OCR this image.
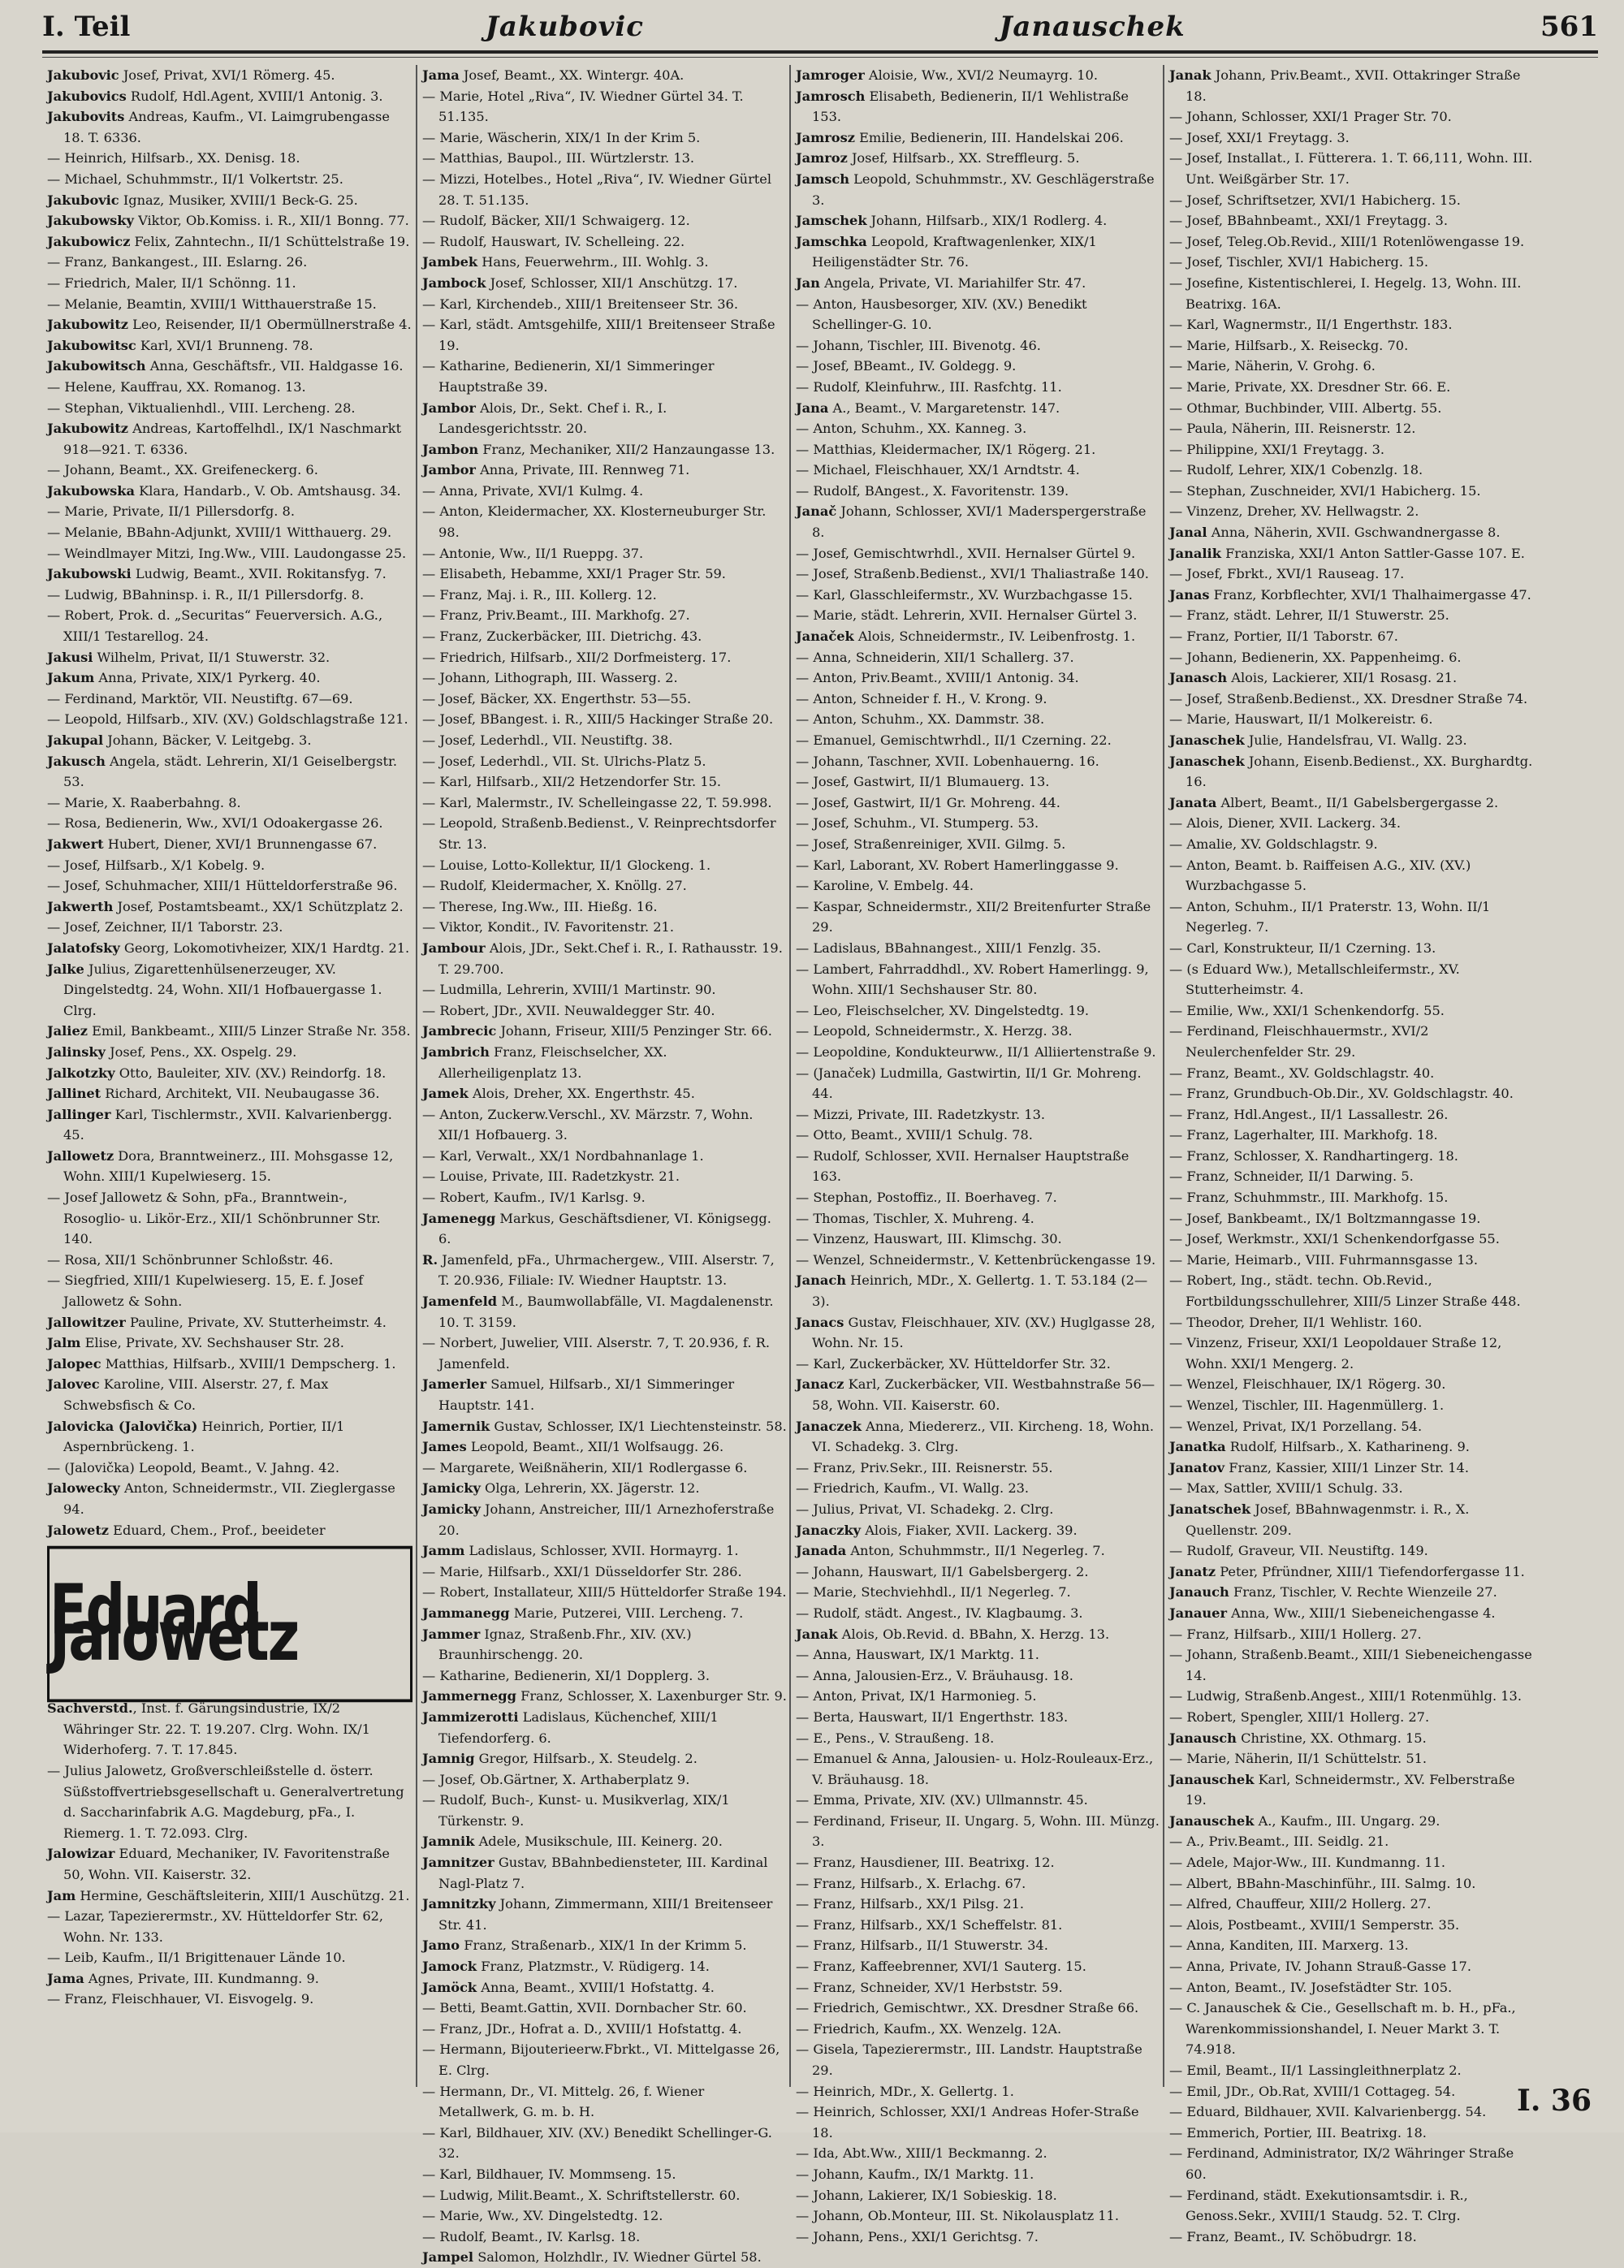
I. Teil	Jakubovic	Janauschek	561

Jakubovic Josef, Privat, XVI/1 Römerg. 45.

Jakubovics Rudolf, Hdl.Agent, XVIII/1 Antonig. 3.

Jakubovits Andreas, Kaufm., VI. Laimgrubengasse 18. T. 6336.

— Heinrich, Hilfsarb., XX. Denisg. 18.

— Michael, Schuhmmstr., II/1 Volkertstr. 25.

Jakubovic Ignaz, Musiker, XVIII/1 Beck-G. 25.

Jakubowsky Viktor, Ob.Komiss. i. R., XII/1 Bonng. 77.

Jakubowicz Felix, Zahntechn., II/1 Schüttelstraße 19.

— Franz, Bankangest., III. Eslarng. 26.

— Friedrich, Maler, II/1 Schönng. 11.

— Melanie, Beamtin, XVIII/1 Witthauerstraße 15.

Jakubowitz Leo, Reisender, II/1 Obermüllnerstraße 4.

Jakubowitsc Karl, XVI/1 Brunneng. 78.

Jakubowitsch Anna, Geschäftsfr., VII. Haldgasse 16.

— Helene, Kauffrau, XX. Romanog. 13.

— Stephan, Viktualienhdl., VIII. Lercheng. 28.

Jakubowitz Andreas, Kartoffelhdl., IX/1 Naschmarkt 918—921. T. 6336.

— Johann, Beamt., XX. Greifeneckerg. 6.

Jakubowska Klara, Handarb., V. Ob. Amtshausg. 34.

— Marie, Private, II/1 Pillersdorfg. 8.

— Melanie, BBahn-Adjunkt, XVIII/1 Witthauerg. 29.

— Weindlmayer Mitzi, Ing.Ww., VIII. Laudongasse 25.

Jakubowski Ludwig, Beamt., XVII. Rokitansfyg. 7.

— Ludwig, BBahninsp. i. R., II/1 Pillersdorfg. 8.

— Robert, Prok. d. „Securitas“ Feuerversich. A.G., XIII/1 Testarellog. 24.

Jakusi Wilhelm, Privat, II/1 Stuwerstr. 32.

Jakum Anna, Private, XIX/1 Pyrkerg. 40.

— Ferdinand, Marktör, VII. Neustiftg. 67—69.

— Leopold, Hilfsarb., XIV. (XV.) Goldschlagstraße 121.

Jakupal Johann, Bäcker, V. Leitgebg. 3.

Jakusch Angela, städt. Lehrerin, XI/1 Geiselbergstr. 53.

— Marie, X. Raaberbahng. 8.

— Rosa, Bedienerin, Ww., XVI/1 Odoakergasse 26.

Jakwert Hubert, Diener, XVI/1 Brunnengasse 67.

— Josef, Hilfsarb., X/1 Kobelg. 9.

— Josef, Schuhmacher, XIII/1 Hütteldorferstraße 96.

Jakwerth Josef, Postamtsbeamt., XX/1 Schützplatz 2.

— Josef, Zeichner, II/1 Taborstr. 23.

Jalatofsky Georg, Lokomotivheizer, XIX/1 Hardtg. 21.

Jalke Julius, Zigarettenhülsenerzeuger, XV. Dingelstedtg. 24, Wohn. XII/1 Hofbauergasse 1. Clrg.

Jaliez Emil, Bankbeamt., XIII/5 Linzer Straße Nr. 358.

Jalinsky Josef, Pens., XX. Ospelg. 29.

Jalkotzky Otto, Bauleiter, XIV. (XV.) Reindorfg. 18.

Jallinet Richard, Architekt, VII. Neubaugasse 36.

Jallinger Karl, Tischlermstr., XVII. Kalvarienbergg. 45.

Jallowetz Dora, Branntweinerz., III. Mohsgasse 12, Wohn. XIII/1 Kupelwieserg. 15.

— Josef Jallowetz & Sohn, pFa., Branntwein-, Rosoglio- u. Likör-Erz., XII/1 Schönbrunner Str. 140.

— Rosa, XII/1 Schönbrunner Schloßstr. 46.

— Siegfried, XIII/1 Kupelwieserg. 15, E. f. Josef Jallowetz & Sohn.

Jallowitzer Pauline, Private, XV. Stutterheimstr. 4.

Jalm Elise, Private, XV. Sechshauser Str. 28.

Jalopec Matthias, Hilfsarb., XVIII/1 Dempscherg. 1.

Jalovec Karoline, VIII. Alserstr. 27, f. Max Schwebsfisch & Co.

Jalovicka (Jalovička) Heinrich, Portier, II/1 Aspernbrückeng. 1.

— (Jalovička) Leopold, Beamt., V. Jahng. 42.

Jalowecky Anton, Schneidermstr., VII. Zieglergasse 94.

Jalowetz Eduard, Chem., Prof., beeideter

Eduard Jalowetz

Sachverstd., Inst. f. Gärungsindustrie, IX/2 Währinger Str. 22. T. 19.207. Clrg. Wohn. IX/1 Widerhoferg. 7. T. 17.845.

— Julius Jalowetz, Großverschleißstelle d. österr. Süßstoffvertriebsgesellschaft u. Generalvertretung d. Saccharinfabrik A.G. Magdeburg, pFa., I. Riemerg. 1. T. 72.093. Clrg.

Jalowizar Eduard, Mechaniker, IV. Favoritenstraße 50, Wohn. VII. Kaiserstr. 32.

Jam Hermine, Geschäftsleiterin, XIII/1 Auschützg. 21.

— Lazar, Tapezierermstr., XV. Hütteldorfer Str. 62, Wohn. Nr. 133.

— Leib, Kaufm., II/1 Brigittenauer Lände 10.

Jama Agnes, Private, III. Kundmanng. 9.

— Franz, Fleischhauer, VI. Eisvogelg. 9.

Jama Josef, Beamt., XX. Wintergr. 40A.

— Marie, Hotel „Riva“, IV. Wiedner Gürtel 34. T. 51.135.

— Marie, Wäscherin, XIX/1 In der Krim 5.

— Matthias, Baupol., III. Würtzlerstr. 13.

— Mizzi, Hotelbes., Hotel „Riva“, IV. Wiedner Gürtel 28. T. 51.135.

— Rudolf, Bäcker, XII/1 Schwaigerg. 12.

— Rudolf, Hauswart, IV. Schelleing. 22.

Jambek Hans, Feuerwehrm., III. Wohlg. 3.

Jambock Josef, Schlosser, XII/1 Anschützg. 17.

— Karl, Kirchendeb., XIII/1 Breitenseer Str. 36.

— Karl, städt. Amtsgehilfe, XIII/1 Breitenseer Straße 19.

— Katharine, Bedienerin, XI/1 Simmeringer Hauptstraße 39.

Jambor Alois, Dr., Sekt. Chef i. R., I. Landesgerichtsstr. 20.

Jambon Franz, Mechaniker, XII/2 Hanzaungasse 13.

Jambor Anna, Private, III. Rennweg 71.

— Anna, Private, XVI/1 Kulmg. 4.

— Anton, Kleidermacher, XX. Klosterneuburger Str. 98.

— Antonie, Ww., II/1 Rueppg. 37.

— Elisabeth, Hebamme, XXI/1 Prager Str. 59.

— Franz, Maj. i. R., III. Kollerg. 12.

— Franz, Priv.Beamt., III. Markhofg. 27.

— Franz, Zuckerbäcker, III. Dietrichg. 43.

— Friedrich, Hilfsarb., XII/2 Dorfmeisterg. 17.

— Johann, Lithograph, III. Wasserg. 2.

— Josef, Bäcker, XX. Engerthstr. 53—55.

— Josef, BBangest. i. R., XIII/5 Hackinger Straße 20.

— Josef, Lederhdl., VII. Neustiftg. 38.

— Josef, Lederhdl., VII. St. Ulrichs-Platz 5.

— Karl, Hilfsarb., XII/2 Hetzendorfer Str. 15.

— Karl, Malermstr., IV. Schelleingasse 22, T. 59.998.

— Leopold, Straßenb.Bedienst., V. Reinprechtsdorfer Str. 13.

— Louise, Lotto-Kollektur, II/1 Glockeng. 1.

— Rudolf, Kleidermacher, X. Knöllg. 27.

— Therese, Ing.Ww., III. Hießg. 16.

— Viktor, Kondit., IV. Favoritenstr. 21.

Jambour Alois, JDr., Sekt.Chef i. R., I. Rathausstr. 19. T. 29.700.

— Ludmilla, Lehrerin, XVIII/1 Martinstr. 90.

— Robert, JDr., XVII. Neuwaldegger Str. 40.

Jambrecic Johann, Friseur, XIII/5 Penzinger Str. 66.

Jambrich Franz, Fleischselcher, XX. Allerheiligenplatz 13.

Jamek Alois, Dreher, XX. Engerthstr. 45.

— Anton, Zuckerw.Verschl., XV. Märzstr. 7, Wohn. XII/1 Hofbauerg. 3.

— Karl, Verwalt., XX/1 Nordbahnanlage 1.

— Louise, Private, III. Radetzkystr. 21.

— Robert, Kaufm., IV/1 Karlsg. 9.

Jamenegg Markus, Geschäftsdiener, VI. Königsegg. 6.

R. Jamenfeld, pFa., Uhrmachergew., VIII. Alserstr. 7, T. 20.936, Filiale: IV. Wiedner Hauptstr. 13.

Jamenfeld M., Baumwollabfälle, VI. Magdalenenstr. 10. T. 3159.

— Norbert, Juwelier, VIII. Alserstr. 7, T. 20.936, f. R. Jamenfeld.

Jamerler Samuel, Hilfsarb., XI/1 Simmeringer Hauptstr. 141.

Jamernik Gustav, Schlosser, IX/1 Liechtensteinstr. 58.

James Leopold, Beamt., XII/1 Wolfsaugg. 26.

— Margarete, Weißnäherin, XII/1 Rodlergasse 6.

Jamicky Olga, Lehrerin, XX. Jägerstr. 12.

Jamicky Johann, Anstreicher, III/1 Arnezhoferstraße 20.

Jamm Ladislaus, Schlosser, XVII. Hormayrg. 1.

— Marie, Hilfsarb., XXI/1 Düsseldorfer Str. 286.

— Robert, Installateur, XIII/5 Hütteldorfer Straße 194.

Jammanegg Marie, Putzerei, VIII. Lercheng. 7.

Jammer Ignaz, Straßenb.Fhr., XIV. (XV.) Braunhirschengg. 20.

— Katharine, Bedienerin, XI/1 Dopplerg. 3.

Jammernegg Franz, Schlosser, X. Laxenburger Str. 9.

Jammizerotti Ladislaus, Küchenchef, XIII/1 Tiefendorferg. 6.

Jamnig Gregor, Hilfsarb., X. Steudelg. 2.

— Josef, Ob.Gärtner, X. Arthaberplatz 9.

— Rudolf, Buch-, Kunst- u. Musikverlag, XIX/1 Türkenstr. 9.

Jamnik Adele, Musikschule, III. Keinerg. 20.

Jamnitzer Gustav, BBahnbediensteter, III. Kardinal Nagl-Platz 7.

Jamnitzky Johann, Zimmermann, XIII/1 Breitenseer Str. 41.

Jamo Franz, Straßenarb., XIX/1 In der Krimm 5.

Jamock Franz, Platzmstr., V. Rüdigerg. 14.

Jamöck Anna, Beamt., XVIII/1 Hofstattg. 4.

— Betti, Beamt.Gattin, XVII. Dornbacher Str. 60.

— Franz, JDr., Hofrat a. D., XVIII/1 Hofstattg. 4.

— Hermann, Bijouterieerw.Fbrkt., VI. Mittelgasse 26, E. Clrg.

— Hermann, Dr., VI. Mittelg. 26, f. Wiener Metallwerk, G. m. b. H.

— Karl, Bildhauer, XIV. (XV.) Benedikt Schellinger-G. 32.

— Karl, Bildhauer, IV. Mommseng. 15.

— Ludwig, Milit.Beamt., X. Schriftstellerstr. 60.

— Marie, Ww., XV. Dingelstedtg. 12.

— Rudolf, Beamt., IV. Karlsg. 18.

Jampel Salomon, Holzhdlr., IV. Wiedner Gürtel 58.

Jamroger Aloisie, Ww., XVI/2 Neumayrg. 10.

Jamrosch Elisabeth, Bedienerin, II/1 Wehlistraße 153.

Jamrosz Emilie, Bedienerin, III. Handelskai 206.

Jamroz Josef, Hilfsarb., XX. Streffleurg. 5.

Jamsch Leopold, Schuhmmstr., XV. Geschlägerstraße 3.

Jamschek Johann, Hilfsarb., XIX/1 Rodlerg. 4.

Jamschka Leopold, Kraftwagenlenker, XIX/1 Heiligenstädter Str. 76.

Jan Angela, Private, VI. Mariahilfer Str. 47.

— Anton, Hausbesorger, XIV. (XV.) Benedikt Schellinger-G. 10.

— Johann, Tischler, III. Bivenotg. 46.

— Josef, BBeamt., IV. Goldegg. 9.

— Rudolf, Kleinfuhrw., III. Rasfchtg. 11.

Jana A., Beamt., V. Margaretenstr. 147.

— Anton, Schuhm., XX. Kanneg. 3.

— Matthias, Kleidermacher, IX/1 Rögerg. 21.

— Michael, Fleischhauer, XX/1 Arndtstr. 4.

— Rudolf, BAngest., X. Favoritenstr. 139.

Janač Johann, Schlosser, XVI/1 Maderspergerstraße 8.

— Josef, Gemischtwrhdl., XVII. Hernalser Gürtel 9.

— Josef, Straßenb.Bedienst., XVI/1 Thaliastraße 140.

— Karl, Glasschleifermstr., XV. Wurzbachgasse 15.

— Marie, städt. Lehrerin, XVII. Hernalser Gürtel 3.

Janaček Alois, Schneidermstr., IV. Leibenfrostg. 1.

— Anna, Schneiderin, XII/1 Schallerg. 37.

— Anton, Priv.Beamt., XVIII/1 Antonig. 34.

— Anton, Schneider f. H., V. Krong. 9.

— Anton, Schuhm., XX. Dammstr. 38.

— Emanuel, Gemischtwrhdl., II/1 Czerning. 22.

— Johann, Taschner, XVII. Lobenhauerng. 16.

— Josef, Gastwirt, II/1 Blumauerg. 13.

— Josef, Gastwirt, II/1 Gr. Mohreng. 44.

— Josef, Schuhm., VI. Stumperg. 53.

— Josef, Straßenreiniger, XVII. Gilmg. 5.

— Karl, Laborant, XV. Robert Hamerlinggasse 9.

— Karoline, V. Embelg. 44.

— Kaspar, Schneidermstr., XII/2 Breitenfurter Straße 29.

— Ladislaus, BBahnangest., XIII/1 Fenzlg. 35.

— Lambert, Fahrraddhdl., XV. Robert Hamerlingg. 9, Wohn. XIII/1 Sechshauser Str. 80.

— Leo, Fleischselcher, XV. Dingelstedtg. 19.

— Leopold, Schneidermstr., X. Herzg. 38.

— Leopoldine, Kondukteurww., II/1 Alliiertenstraße 9.

— (Janaček) Ludmilla, Gastwirtin, II/1 Gr. Mohreng. 44.

— Mizzi, Private, III. Radetzkystr. 13.

— Otto, Beamt., XVIII/1 Schulg. 78.

— Rudolf, Schlosser, XVII. Hernalser Hauptstraße 163.

— Stephan, Postoffiz., II. Boerhaveg. 7.

— Thomas, Tischler, X. Muhreng. 4.

— Vinzenz, Hauswart, III. Klimschg. 30.

— Wenzel, Schneidermstr., V. Kettenbrückengasse 19.

Janach Heinrich, MDr., X. Gellertg. 1. T. 53.184 (2—3).

Janacs Gustav, Fleischhauer, XIV. (XV.) Huglgasse 28, Wohn. Nr. 15.

— Karl, Zuckerbäcker, XV. Hütteldorfer Str. 32.

Janacz Karl, Zuckerbäcker, VII. Westbahnstraße 56—58, Wohn. VII. Kaiserstr. 60.

Janaczek Anna, Miedererz., VII. Kircheng. 18, Wohn. VI. Schadekg. 3. Clrg.

— Franz, Priv.Sekr., III. Reisnerstr. 55.

— Friedrich, Kaufm., VI. Wallg. 23.

— Julius, Privat, VI. Schadekg. 2. Clrg.

Janaczky Alois, Fiaker, XVII. Lackerg. 39.

Janada Anton, Schuhmmstr., II/1 Negerleg. 7.

— Johann, Hauswart, II/1 Gabelsbergerg. 2.

— Marie, Stechviehhdl., II/1 Negerleg. 7.

— Rudolf, städt. Angest., IV. Klagbaumg. 3.

Janak Alois, Ob.Revid. d. BBahn, X. Herzg. 13.

— Anna, Hauswart, IX/1 Marktg. 11.

— Anna, Jalousien-Erz., V. Bräuhausg. 18.

— Anton, Privat, IX/1 Harmonieg. 5.

— Berta, Hauswart, II/1 Engerthstr. 183.

— E., Pens., V. Straußeng. 18.

— Emanuel & Anna, Jalousien- u. Holz-Rouleaux-Erz., V. Bräuhausg. 18.

— Emma, Private, XIV. (XV.) Ullmannstr. 45.

— Ferdinand, Friseur, II. Ungarg. 5, Wohn. III. Münzg. 3.

— Franz, Hausdiener, III. Beatrixg. 12.

— Franz, Hilfsarb., X. Erlachg. 67.

— Franz, Hilfsarb., XX/1 Pilsg. 21.

— Franz, Hilfsarb., XX/1 Scheffelstr. 81.

— Franz, Hilfsarb., II/1 Stuwerstr. 34.

— Franz, Kaffeebrenner, XVI/1 Sauterg. 15.

— Franz, Schneider, XV/1 Herbststr. 59.

— Friedrich, Gemischtwr., XX. Dresdner Straße 66.

— Friedrich, Kaufm., XX. Wenzelg. 12A.

— Gisela, Tapezierermstr., III. Landstr. Hauptstraße 29.

— Heinrich, MDr., X. Gellertg. 1.

— Heinrich, Schlosser, XXI/1 Andreas Hofer-Straße 18.

— Ida, Abt.Ww., XIII/1 Beckmanng. 2.

— Johann, Kaufm., IX/1 Marktg. 11.

— Johann, Lakierer, IX/1 Sobieskig. 18.

— Johann, Ob.Monteur, III. St. Nikolausplatz 11.

— Johann, Pens., XXI/1 Gerichtsg. 7.

Janak Johann, Priv.Beamt., XVII. Ottakringer Straße 18.

— Johann, Schlosser, XXI/1 Prager Str. 70.

— Josef, XXI/1 Freytagg. 3.

— Josef, Installat., I. Fütterera. 1. T. 66,111, Wohn. III. Unt. Weißgärber Str. 17.

— Josef, Schriftsetzer, XVI/1 Habicherg. 15.

— Josef, BBahnbeamt., XXI/1 Freytagg. 3.

— Josef, Teleg.Ob.Revid., XIII/1 Rotenlöwengasse 19.

— Josef, Tischler, XVI/1 Habicherg. 15.

— Josefine, Kistentischlerei, I. Hegelg. 13, Wohn. III. Beatrixg. 16A.

— Karl, Wagnermstr., II/1 Engerthstr. 183.

— Marie, Hilfsarb., X. Reiseckg. 70.

— Marie, Näherin, V. Grohg. 6.

— Marie, Private, XX. Dresdner Str. 66. E.

— Othmar, Buchbinder, VIII. Albertg. 55.

— Paula, Näherin, III. Reisnerstr. 12.

— Philippine, XXI/1 Freytagg. 3.

— Rudolf, Lehrer, XIX/1 Cobenzlg. 18.

— Stephan, Zuschneider, XVI/1 Habicherg. 15.

— Vinzenz, Dreher, XV. Hellwagstr. 2.

Janal Anna, Näherin, XVII. Gschwandnergasse 8.

Janalik Franziska, XXI/1 Anton Sattler-Gasse 107. E.

— Josef, Fbrkt., XVI/1 Rauseag. 17.

Janas Franz, Korbflechter, XVI/1 Thalhaimergasse 47.

— Franz, städt. Lehrer, II/1 Stuwerstr. 25.

— Franz, Portier, II/1 Taborstr. 67.

— Johann, Bedienerin, XX. Pappenheimg. 6.

Janasch Alois, Lackierer, XII/1 Rosasg. 21.

— Josef, Straßenb.Bedienst., XX. Dresdner Straße 74.

— Marie, Hauswart, II/1 Molkereistr. 6.

Janaschek Julie, Handelsfrau, VI. Wallg. 23.

Janaschek Johann, Eisenb.Bedienst., XX. Burghardtg. 16.

Janata Albert, Beamt., II/1 Gabelsbergergasse 2.

— Alois, Diener, XVII. Lackerg. 34.

— Amalie, XV. Goldschlagstr. 9.

— Anton, Beamt. b. Raiffeisen A.G., XIV. (XV.) Wurzbachgasse 5.

— Anton, Schuhm., II/1 Praterstr. 13, Wohn. II/1 Negerleg. 7.

— Carl, Konstrukteur, II/1 Czerning. 13.

— (s Eduard Ww.), Metallschleifermstr., XV. Stutterheimstr. 4.

— Emilie, Ww., XXI/1 Schenkendorfg. 55.

— Ferdinand, Fleischhauermstr., XVI/2 Neulerchenfelder Str. 29.

— Franz, Beamt., XV. Goldschlagstr. 40.

— Franz, Grundbuch-Ob.Dir., XV. Goldschlagstr. 40.

— Franz, Hdl.Angest., II/1 Lassallestr. 26.

— Franz, Lagerhalter, III. Markhofg. 18.

— Franz, Schlosser, X. Randhartingerg. 18.

— Franz, Schneider, II/1 Darwing. 5.

— Franz, Schuhmmstr., III. Markhofg. 15.

— Josef, Bankbeamt., IX/1 Boltzmanngasse 19.

— Josef, Werkmstr., XXI/1 Schenkendorfgasse 55.

— Marie, Heimarb., VIII. Fuhrmannsgasse 13.

— Robert, Ing., städt. techn. Ob.Revid., Fortbildungsschullehrer, XIII/5 Linzer Straße 448.

— Theodor, Dreher, II/1 Wehlistr. 160.

— Vinzenz, Friseur, XXI/1 Leopoldauer Straße 12, Wohn. XXI/1 Mengerg. 2.

— Wenzel, Fleischhauer, IX/1 Rögerg. 30.

— Wenzel, Tischler, III. Hagenmüllerg. 1.

— Wenzel, Privat, IX/1 Porzellang. 54.

Janatka Rudolf, Hilfsarb., X. Katharineng. 9.

Janatov Franz, Kassier, XIII/1 Linzer Str. 14.

— Max, Sattler, XVIII/1 Schulg. 33.

Janatschek Josef, BBahnwagenmstr. i. R., X. Quellenstr. 209.

— Rudolf, Graveur, VII. Neustiftg. 149.

Janatz Peter, Pfründner, XIII/1 Tiefendorfergasse 11.

Janauch Franz, Tischler, V. Rechte Wienzeile 27.

Janauer Anna, Ww., XIII/1 Siebeneichengasse 4.

— Franz, Hilfsarb., XIII/1 Hollerg. 27.

— Johann, Straßenb.Beamt., XIII/1 Siebeneichengasse 14.

— Ludwig, Straßenb.Angest., XIII/1 Rotenmühlg. 13.

— Robert, Spengler, XIII/1 Hollerg. 27.

Janausch Christine, XX. Othmarg. 15.

— Marie, Näherin, II/1 Schüttelstr. 51.

Janauschek Karl, Schneidermstr., XV. Felberstraße 19.

Janauschek A., Kaufm., III. Ungarg. 29.

— A., Priv.Beamt., III. Seidlg. 21.

— Adele, Major-Ww., III. Kundmanng. 11.

— Albert, BBahn-Maschinführ., III. Salmg. 10.

— Alfred, Chauffeur, XIII/2 Hollerg. 27.

— Alois, Postbeamt., XVIII/1 Semperstr. 35.

— Anna, Kanditen, III. Marxerg. 13.

— Anna, Private, IV. Johann Strauß-Gasse 17.

— Anton, Beamt., IV. Josefstädter Str. 105.

— C. Janauschek & Cie., Gesellschaft m. b. H., pFa., Warenkommissionshandel, I. Neuer Markt 3. T. 74.918.

— Emil, Beamt., II/1 Lassingleithnerplatz 2.

— Emil, JDr., Ob.Rat, XVIII/1 Cottageg. 54.

— Eduard, Bildhauer, XVII. Kalvarienbergg. 54.

— Emmerich, Portier, III. Beatrixg. 18.

— Ferdinand, Administrator, IX/2 Währinger Straße 60.

— Ferdinand, städt. Exekutionsamtsdir. i. R., Genoss.Sekr., XVIII/1 Staudg. 52. T. Clrg.

— Franz, Beamt., IV. Schöbudrgr. 18.

I. 36
